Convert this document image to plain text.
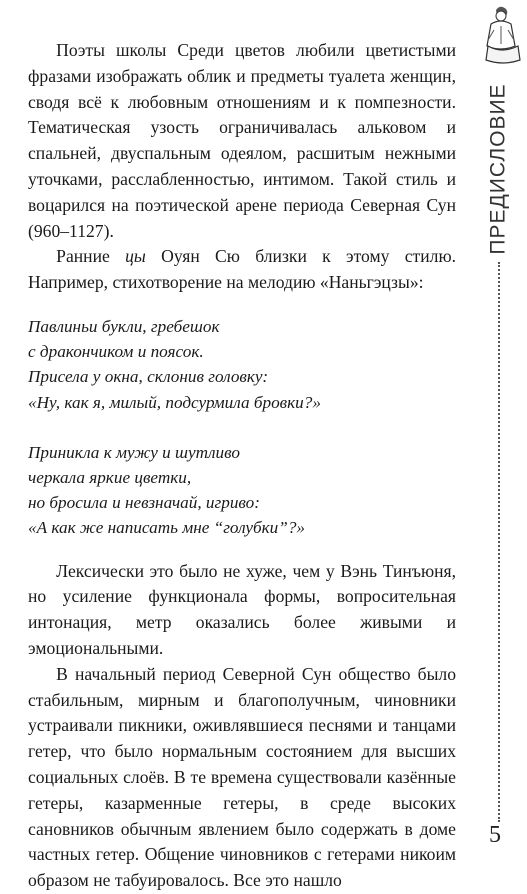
Поэты школы Среди цветов любили цветистыми фразами изображать облик и предметы туалета женщин, сводя всё к любовным отношениям и к помпезности. Тематическая узость ограничивалась альковом и спальней, двуспальным одеялом, расшитым нежными уточками, расслабленностью, интимом. Такой стиль и воцарился на поэтической арене периода Северная Сун (960–1127).

Ранние цы Оуян Сю близки к этому стилю. Например, стихотворение на мелодию «Наньгэцзы»:

Павлиньи букли, гребешок
с дракончиком и поясок.
Присела у окна, склонив головку:
«Ну, как я, милый, подсурмила бровки?»
Приникла к мужу и шутливо
черкала яркие цветки,
но бросила и невзначай, игриво:
«А как же написать мне “голубки”?»

Лексически это было не хуже, чем у Вэнь Тинъюня, но усиление функционала формы, вопросительная интонация, метр оказались более живыми и эмоциональными.

В начальный период Северной Сун общество было стабильным, мирным и благополучным, чиновники устраивали пикники, оживлявшиеся песнями и танцами гетер, что было нормальным состоянием для высших социальных слоёв. В те времена существовали казённые гетеры, казарменные гетеры, в среде высоких сановников обычным явлением было содержать в доме частных гетер. Общение чиновников с гетерами никоим образом не табуировалось. Все это нашло

ПРЕДИСЛОВИЕ
5
